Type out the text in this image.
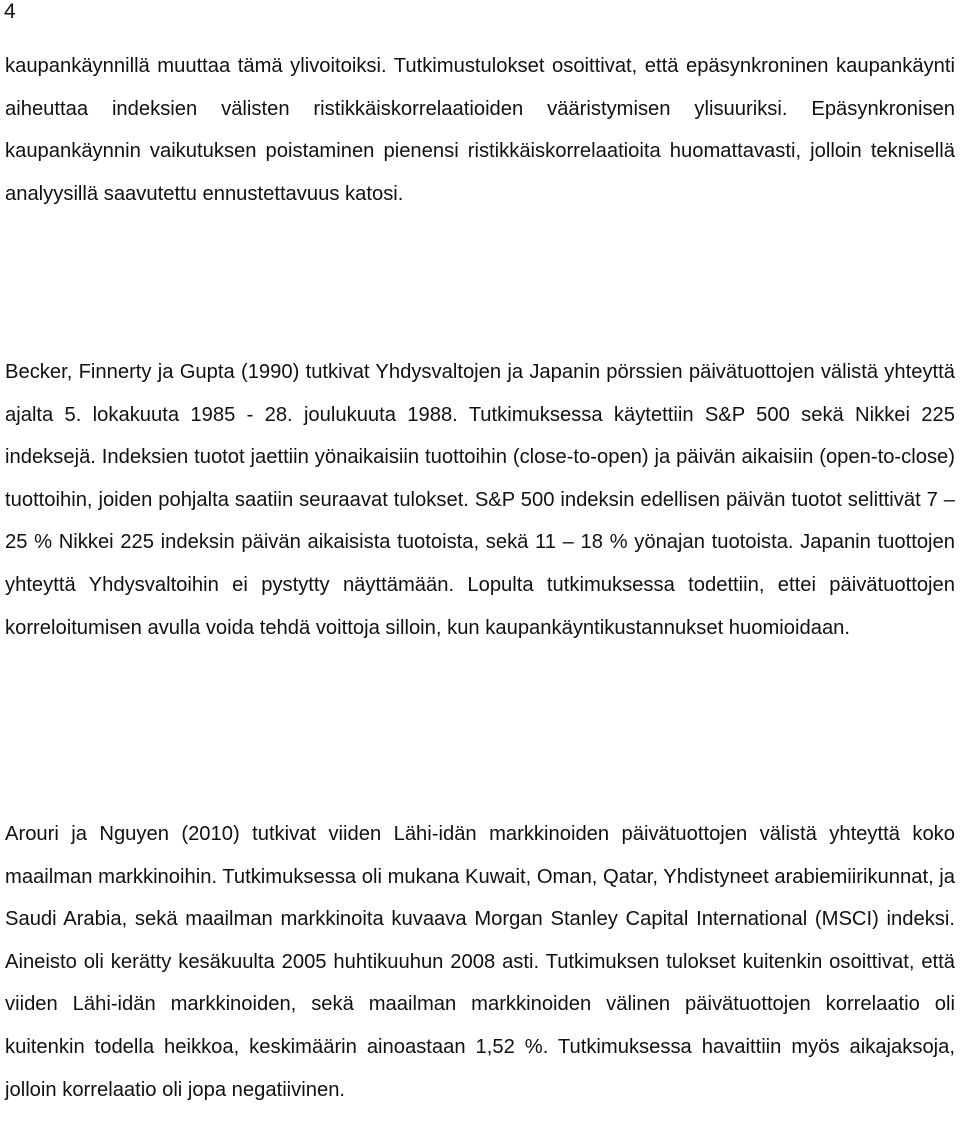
4

kaupankäynnillä muuttaa tämä ylivoitoiksi. Tutkimustulokset osoittivat, että epäsynkroninen kaupankäynti aiheuttaa indeksien välisten ristikkäiskorrelaatioiden vääristymisen ylisuuriksi. Epäsynkronisen kaupankäynnin vaikutuksen poistaminen pienensi ristikkäiskorrelaatioita huomattavasti, jolloin teknisellä analyysillä saavutettu ennustettavuus katosi.

Becker, Finnerty ja Gupta (1990) tutkivat Yhdysvaltojen ja Japanin pörssien päivätuottojen välistä yhteyttä ajalta 5. lokakuuta 1985 - 28. joulukuuta 1988. Tutkimuksessa käytettiin S&P 500 sekä Nikkei 225 indeksejä. Indeksien tuotot jaettiin yönaikaisiin tuottoihin (close-to-open) ja päivän aikaisiin (open-to-close) tuottoihin, joiden pohjalta saatiin seuraavat tulokset. S&P 500 indeksin edellisen päivän tuotot selittivät 7 – 25 % Nikkei 225 indeksin päivän aikaisista tuotoista, sekä 11 – 18 % yönajan tuotoista. Japanin tuottojen yhteyttä Yhdysvaltoihin ei pystytty näyttämään. Lopulta tutkimuksessa todettiin, ettei päivätuottojen korreloitumisen avulla voida tehdä voittoja silloin, kun kaupankäyntikustannukset huomioidaan.

Arouri ja Nguyen (2010) tutkivat viiden Lähi-idän markkinoiden päivätuottojen välistä yhteyttä koko maailman markkinoihin. Tutkimuksessa oli mukana Kuwait, Oman, Qatar, Yhdistyneet arabiemiirikunnat, ja Saudi Arabia, sekä maailman markkinoita kuvaava Morgan Stanley Capital International (MSCI) indeksi. Aineisto oli kerätty kesäkuulta 2005 huhtikuuhun 2008 asti. Tutkimuksen tulokset kuitenkin osoittivat, että viiden Lähi-idän markkinoiden, sekä maailman markkinoiden välinen päivätuottojen korrelaatio oli kuitenkin todella heikkoa, keskimäärin ainoastaan 1,52 %. Tutkimuksessa havaittiin myös aikajaksoja, jolloin korrelaatio oli jopa negatiivinen.
